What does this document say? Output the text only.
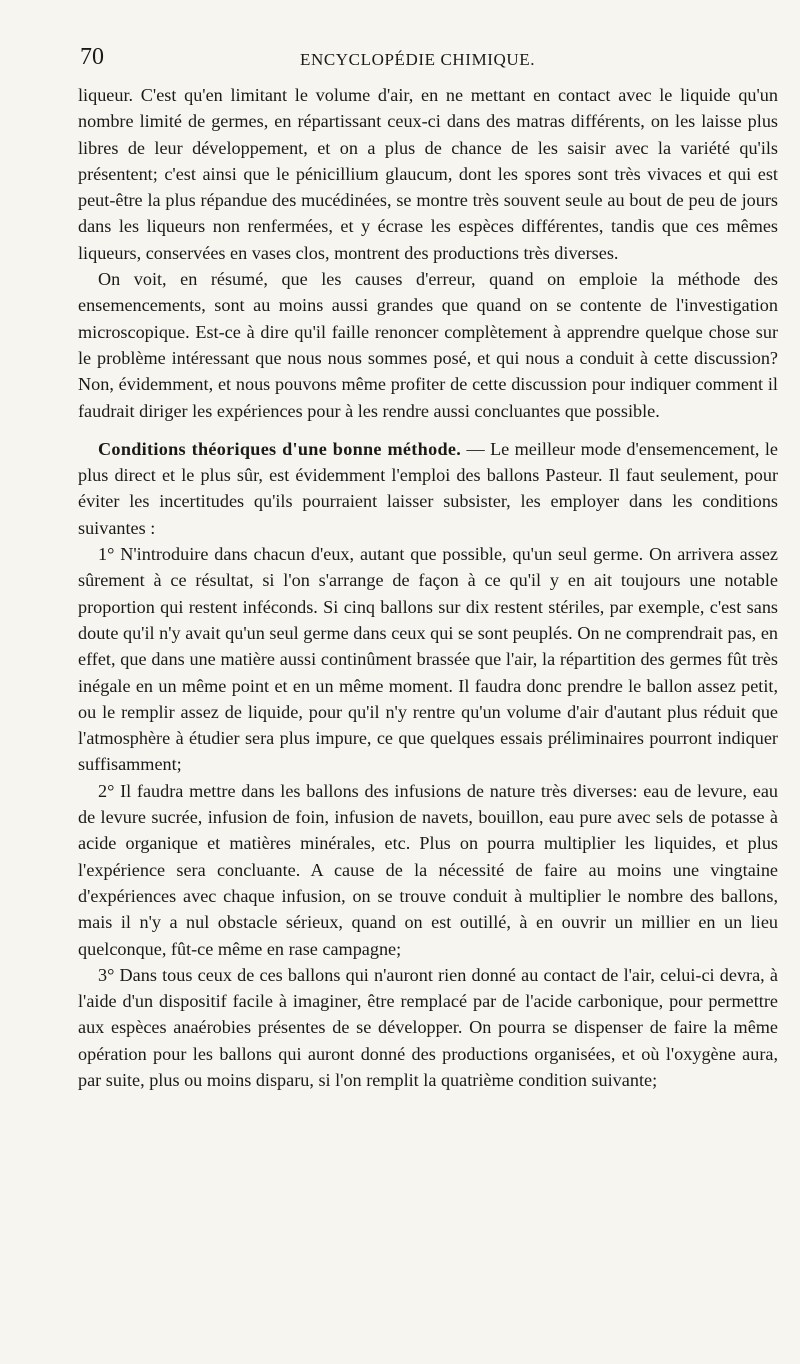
70	ENCYCLOPÉDIE CHIMIQUE.

liqueur. C'est qu'en limitant le volume d'air, en ne mettant en contact avec le liquide qu'un nombre limité de germes, en répartissant ceux-ci dans des matras différents, on les laisse plus libres de leur développement, et on a plus de chance de les saisir avec la variété qu'ils présentent; c'est ainsi que le pénicillium glaucum, dont les spores sont très vivaces et qui est peut-être la plus répandue des mucédinées, se montre très souvent seule au bout de peu de jours dans les liqueurs non renfermées, et y écrase les espèces différentes, tandis que ces mêmes liqueurs, conservées en vases clos, montrent des productions très diverses.

On voit, en résumé, que les causes d'erreur, quand on emploie la méthode des ensemencements, sont au moins aussi grandes que quand on se contente de l'investigation microscopique. Est-ce à dire qu'il faille renoncer complètement à apprendre quelque chose sur le problème intéressant que nous nous sommes posé, et qui nous a conduit à cette discussion? Non, évidemment, et nous pouvons même profiter de cette discussion pour indiquer comment il faudrait diriger les expériences pour à les rendre aussi concluantes que possible.

Conditions théoriques d'une bonne méthode. — Le meilleur mode d'ensemencement, le plus direct et le plus sûr, est évidemment l'emploi des ballons Pasteur. Il faut seulement, pour éviter les incertitudes qu'ils pourraient laisser subsister, les employer dans les conditions suivantes :

1° N'introduire dans chacun d'eux, autant que possible, qu'un seul germe. On arrivera assez sûrement à ce résultat, si l'on s'arrange de façon à ce qu'il y en ait toujours une notable proportion qui restent inféconds. Si cinq ballons sur dix restent stériles, par exemple, c'est sans doute qu'il n'y avait qu'un seul germe dans ceux qui se sont peuplés. On ne comprendrait pas, en effet, que dans une matière aussi continûment brassée que l'air, la répartition des germes fût très inégale en un même point et en un même moment. Il faudra donc prendre le ballon assez petit, ou le remplir assez de liquide, pour qu'il n'y rentre qu'un volume d'air d'autant plus réduit que l'atmosphère à étudier sera plus impure, ce que quelques essais préliminaires pourront indiquer suffisamment;

2° Il faudra mettre dans les ballons des infusions de nature très diverses: eau de levure, eau de levure sucrée, infusion de foin, infusion de navets, bouillon, eau pure avec sels de potasse à acide organique et matières minérales, etc. Plus on pourra multiplier les liquides, et plus l'expérience sera concluante. A cause de la nécessité de faire au moins une vingtaine d'expériences avec chaque infusion, on se trouve conduit à multiplier le nombre des ballons, mais il n'y a nul obstacle sérieux, quand on est outillé, à en ouvrir un millier en un lieu quelconque, fût-ce même en rase campagne;

3° Dans tous ceux de ces ballons qui n'auront rien donné au contact de l'air, celui-ci devra, à l'aide d'un dispositif facile à imaginer, être remplacé par de l'acide carbonique, pour permettre aux espèces anaérobies présentes de se développer. On pourra se dispenser de faire la même opération pour les ballons qui auront donné des productions organisées, et où l'oxygène aura, par suite, plus ou moins disparu, si l'on remplit la quatrième condition suivante;
